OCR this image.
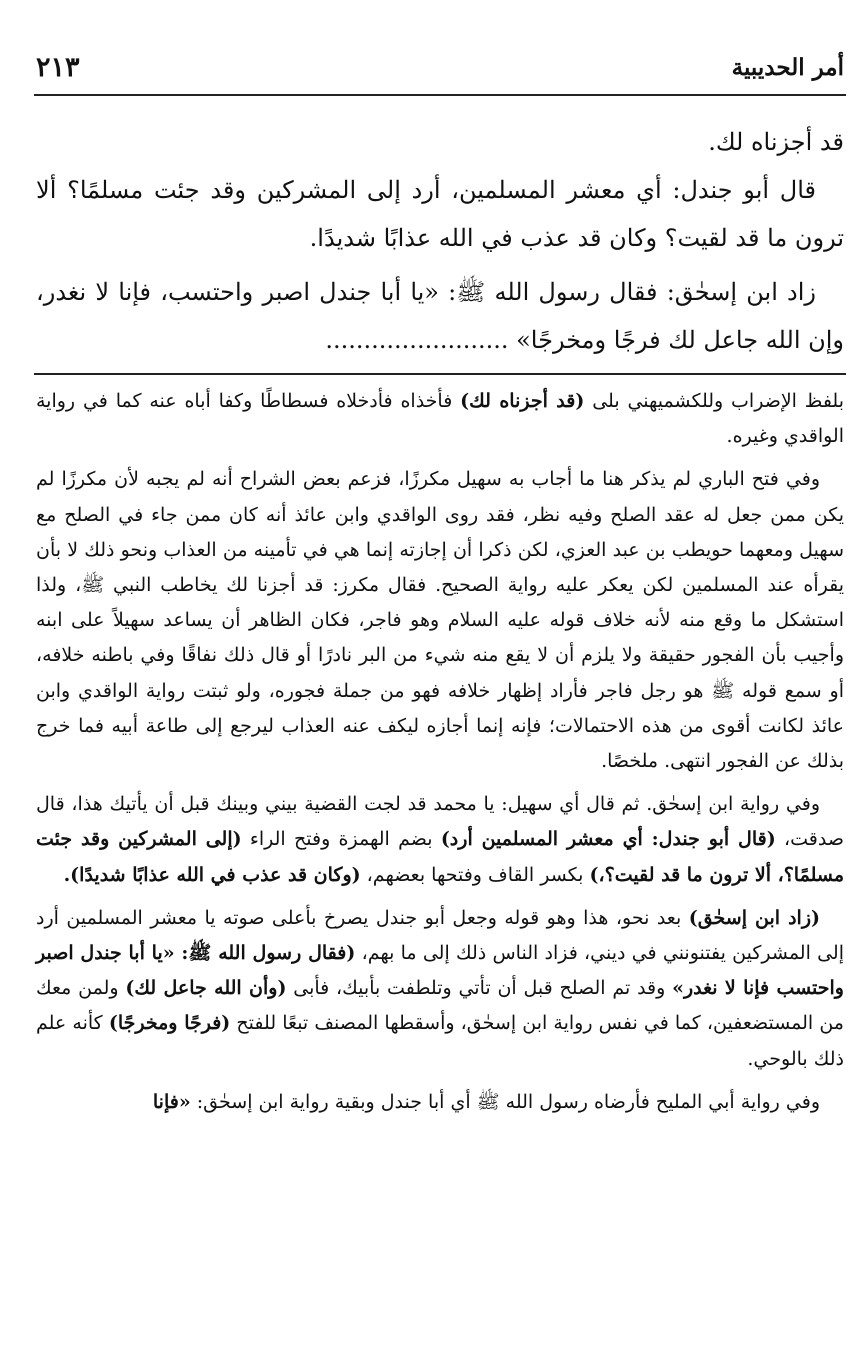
أمر الحديبية
٢١٣

قد أجزناه لك.

قال أبو جندل: أي معشر المسلمين، أرد إلى المشركين وقد جئت مسلمًا؟ ألا ترون ما قد لقيت؟ وكان قد عذب في الله عذابًا شديدًا.

زاد ابن إسحٰق: فقال رسول الله ﷺ: «يا أبا جندل اصبر واحتسب، فإنا لا نغدر، وإن الله جاعل لك فرجًا ومخرجًا» ........................

بلفظ الإضراب وللكشميهني بلى (قد أجزناه لك) فأخذاه فأدخلاه فسطاطًا وكفا أباه عنه كما في رواية الواقدي وغيره.

وفي فتح الباري لم يذكر هنا ما أجاب به سهيل مكرزًا، فزعم بعض الشراح أنه لم يجبه لأن مكرزًا لم يكن ممن جعل له عقد الصلح وفيه نظر، فقد روى الواقدي وابن عائذ أنه كان ممن جاء في الصلح مع سهيل ومعهما حويطب بن عبد العزي، لكن ذكرا أن إجازته إنما هي في تأمينه من العذاب ونحو ذلك لا بأن يقرأه عند المسلمين لكن يعكر عليه رواية الصحيح. فقال مكرز: قد أجزنا لك يخاطب النبي ﷺ، ولذا استشكل ما وقع منه لأنه خلاف قوله عليه السلام وهو فاجر، فكان الظاهر أن يساعد سهيلاً على ابنه وأجيب بأن الفجور حقيقة ولا يلزم أن لا يقع منه شيء من البر نادرًا أو قال ذلك نفاقًا وفي باطنه خلافه، أو سمع قوله ﷺ هو رجل فاجر فأراد إظهار خلافه فهو من جملة فجوره، ولو ثبتت رواية الواقدي وابن عائذ لكانت أقوى من هذه الاحتمالات؛ فإنه إنما أجازه ليكف عنه العذاب ليرجع إلى طاعة أبيه فما خرج بذلك عن الفجور انتهى. ملخصًا.

وفي رواية ابن إسحٰق. ثم قال أي سهيل: يا محمد قد لجت القضية بيني وبينك قبل أن يأتيك هذا، قال صدقت، (قال أبو جندل: أي معشر المسلمين أرد) بضم الهمزة وفتح الراء (إلى المشركين وقد جئت مسلمًا؟، ألا ترون ما قد لقيت؟،) بكسر القاف وفتحها بعضهم، (وكان قد عذب في الله عذابًا شديدًا).

(زاد ابن إسحٰق) بعد نحو، هذا وهو قوله وجعل أبو جندل يصرخ بأعلى صوته يا معشر المسلمين أرد إلى المشركين يفتنونني في ديني، فزاد الناس ذلك إلى ما بهم، (فقال رسول الله ﷺ: «يا أبا جندل اصبر واحتسب فإنا لا نغدر» وقد تم الصلح قبل أن تأتي وتلطفت بأبيك، فأبى (وأن الله جاعل لك) ولمن معك من المستضعفين، كما في نفس رواية ابن إسحٰق، وأسقطها المصنف تبعًا للفتح (فرجًا ومخرجًا) كأنه علم ذلك بالوحي.

وفي رواية أبي المليح فأرضاه رسول الله ﷺ أي أبا جندل وبقية رواية ابن إسحٰق: «فإنا
